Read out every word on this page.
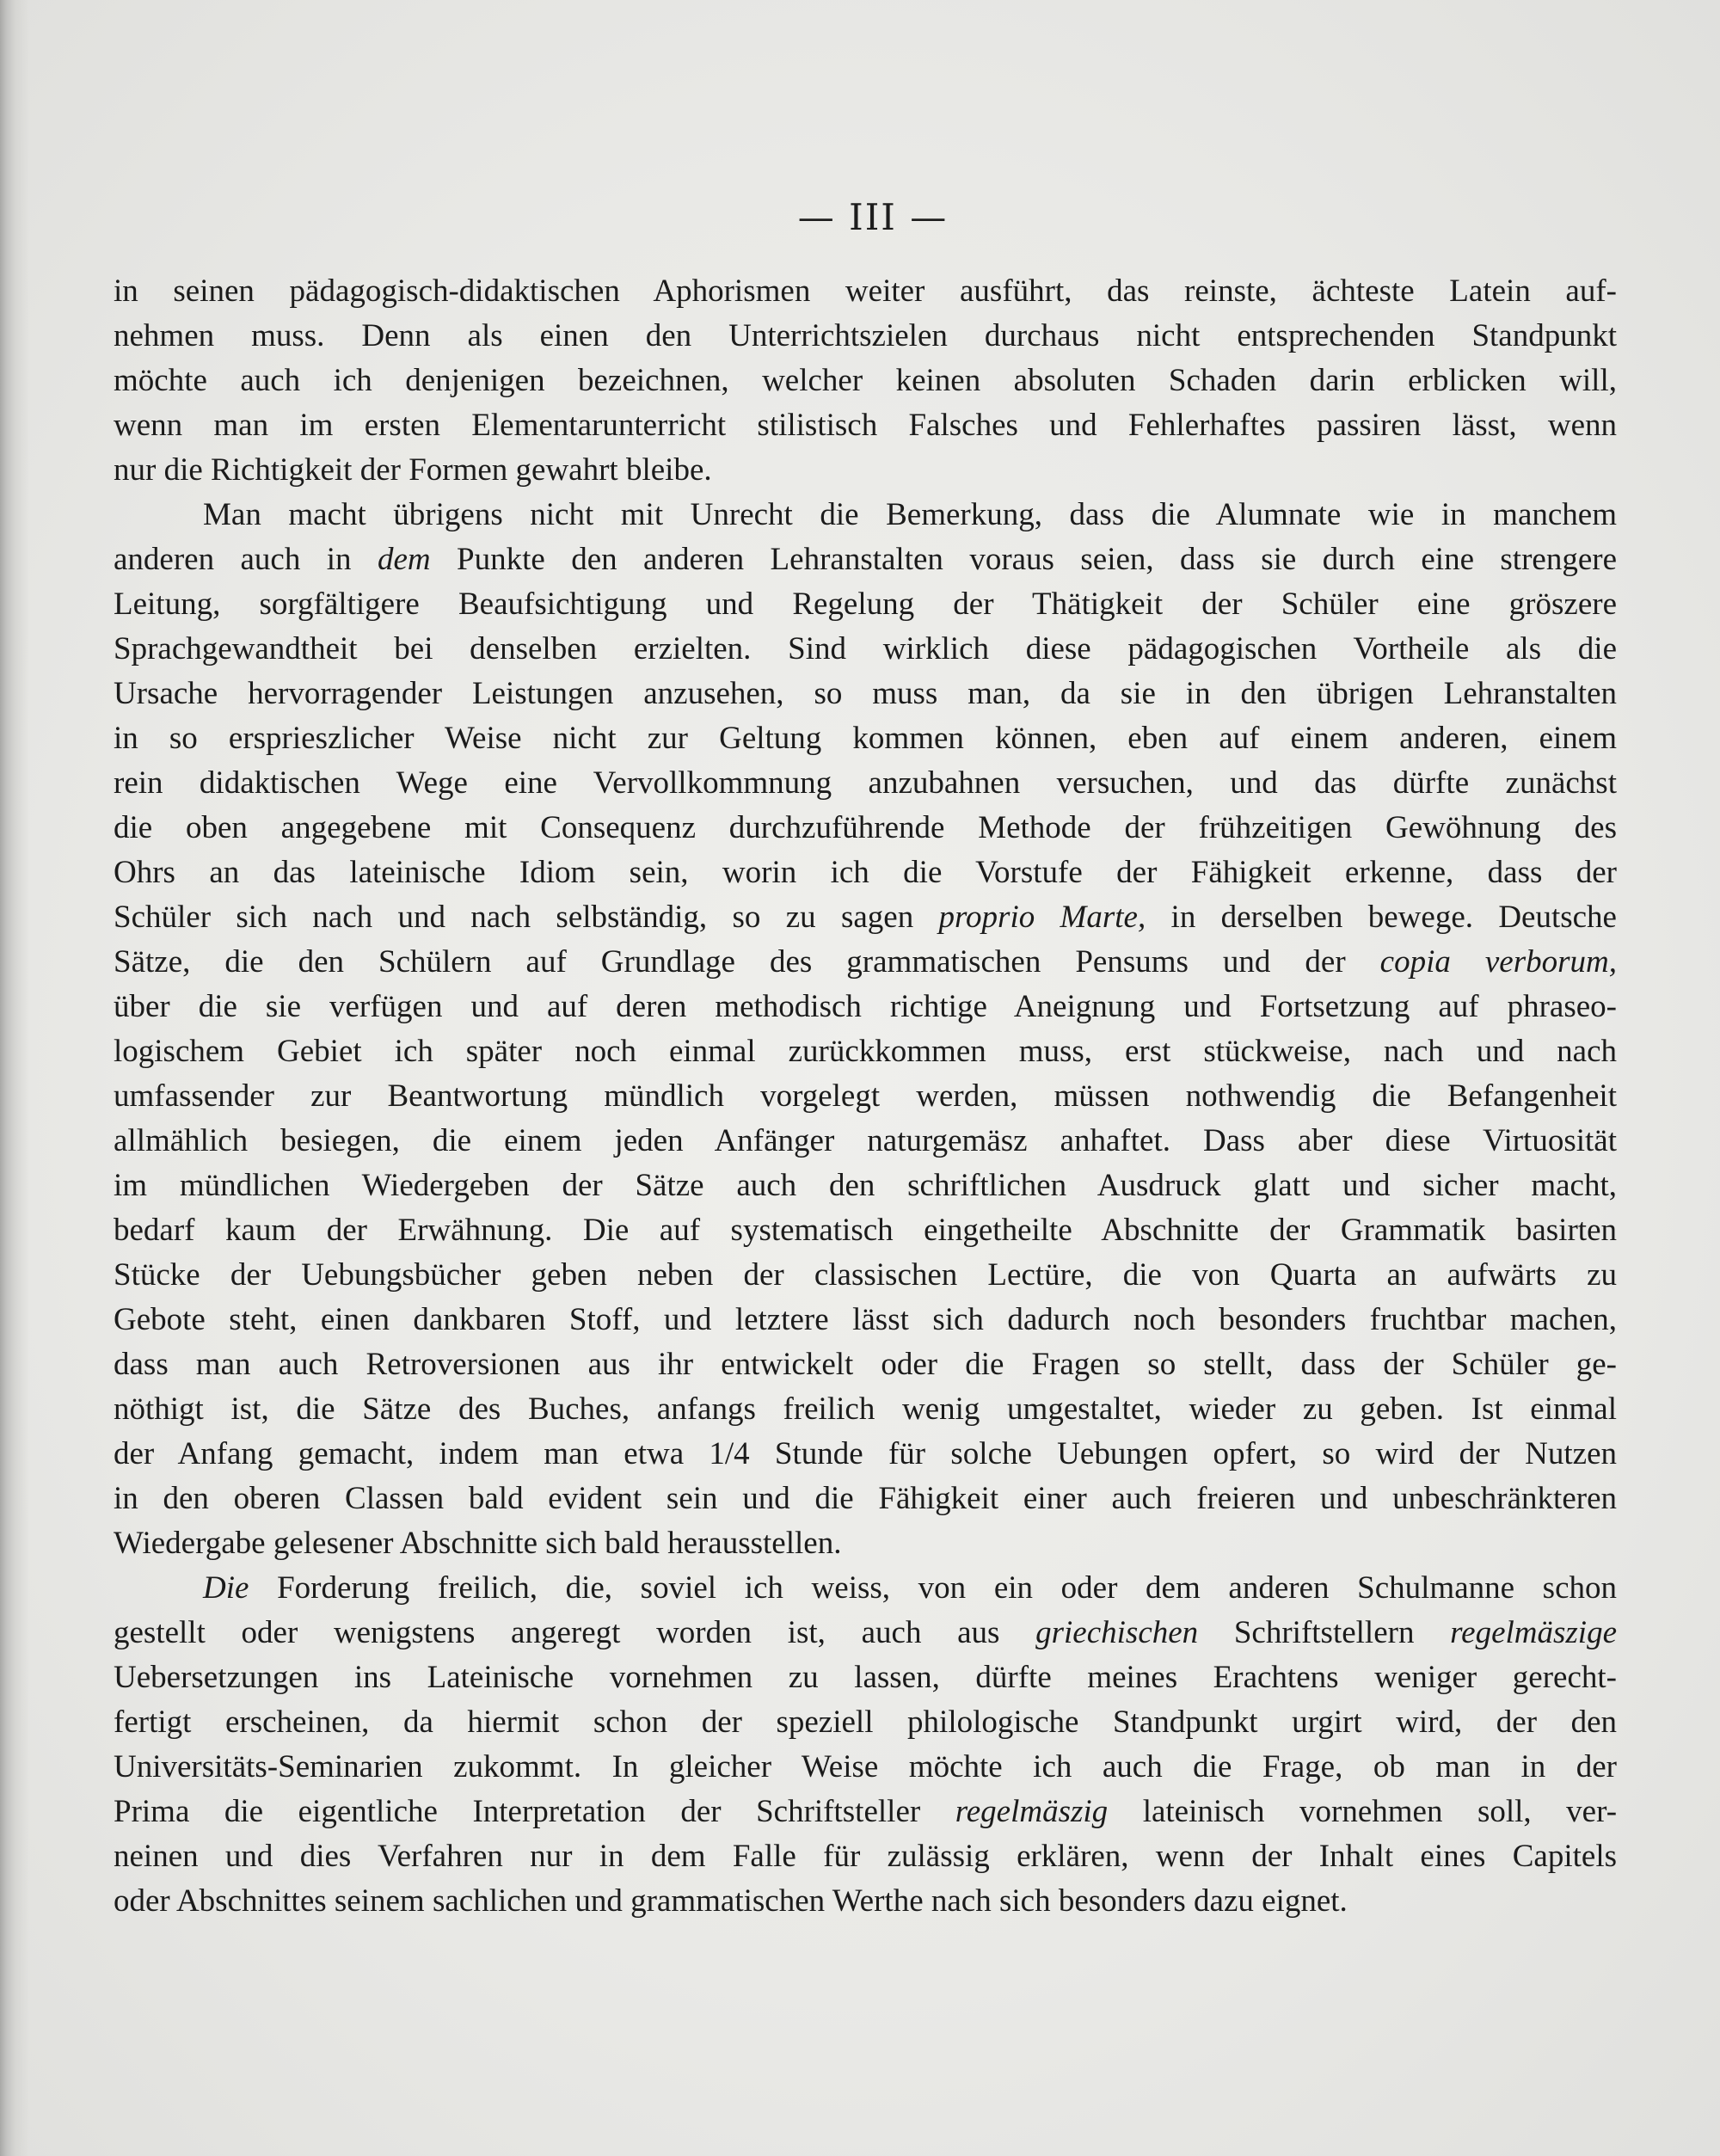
— III —
in seinen pädagogisch-didaktischen Aphorismen weiter ausführt, das reinste, ächteste Latein auf-
nehmen muss. Denn als einen den Unterrichtszielen durchaus nicht entsprechenden Standpunkt
möchte auch ich denjenigen bezeichnen, welcher keinen absoluten Schaden darin erblicken will,
wenn man im ersten Elementarunterricht stilistisch Falsches und Fehlerhaftes passiren lässt, wenn
nur die Richtigkeit der Formen gewahrt bleibe.
Man macht übrigens nicht mit Unrecht die Bemerkung, dass die Alumnate wie in manchem
anderen auch in dem Punkte den anderen Lehranstalten voraus seien, dass sie durch eine strengere
Leitung, sorgfältigere Beaufsichtigung und Regelung der Thätigkeit der Schüler eine gröszere
Sprachgewandtheit bei denselben erzielten. Sind wirklich diese pädagogischen Vortheile als die
Ursache hervorragender Leistungen anzusehen, so muss man, da sie in den übrigen Lehranstalten
in so ersprieszlicher Weise nicht zur Geltung kommen können, eben auf einem anderen, einem
rein didaktischen Wege eine Vervollkommnung anzubahnen versuchen, und das dürfte zunächst
die oben angegebene mit Consequenz durchzuführende Methode der frühzeitigen Gewöhnung des
Ohrs an das lateinische Idiom sein, worin ich die Vorstufe der Fähigkeit erkenne, dass der
Schüler sich nach und nach selbständig, so zu sagen proprio Marte, in derselben bewege. Deutsche
Sätze, die den Schülern auf Grundlage des grammatischen Pensums und der copia verborum,
über die sie verfügen und auf deren methodisch richtige Aneignung und Fortsetzung auf phraseo-
logischem Gebiet ich später noch einmal zurückkommen muss, erst stückweise, nach und nach
umfassender zur Beantwortung mündlich vorgelegt werden, müssen nothwendig die Befangenheit
allmählich besiegen, die einem jeden Anfänger naturgemäsz anhaftet. Dass aber diese Virtuosität
im mündlichen Wiedergeben der Sätze auch den schriftlichen Ausdruck glatt und sicher macht,
bedarf kaum der Erwähnung. Die auf systematisch eingetheilte Abschnitte der Grammatik basirten
Stücke der Uebungsbücher geben neben der classischen Lectüre, die von Quarta an aufwärts zu
Gebote steht, einen dankbaren Stoff, und letztere lässt sich dadurch noch besonders fruchtbar machen,
dass man auch Retroversionen aus ihr entwickelt oder die Fragen so stellt, dass der Schüler ge-
nöthigt ist, die Sätze des Buches, anfangs freilich wenig umgestaltet, wieder zu geben. Ist einmal
der Anfang gemacht, indem man etwa 1/4 Stunde für solche Uebungen opfert, so wird der Nutzen
in den oberen Classen bald evident sein und die Fähigkeit einer auch freieren und unbeschränkteren
Wiedergabe gelesener Abschnitte sich bald herausstellen.
Die Forderung freilich, die, soviel ich weiss, von ein oder dem anderen Schulmanne schon
gestellt oder wenigstens angeregt worden ist, auch aus griechischen Schriftstellern regelmäszige
Uebersetzungen ins Lateinische vornehmen zu lassen, dürfte meines Erachtens weniger gerecht-
fertigt erscheinen, da hiermit schon der speziell philologische Standpunkt urgirt wird, der den
Universitäts-Seminarien zukommt. In gleicher Weise möchte ich auch die Frage, ob man in der
Prima die eigentliche Interpretation der Schriftsteller regelmäszig lateinisch vornehmen soll, ver-
neinen und dies Verfahren nur in dem Falle für zulässig erklären, wenn der Inhalt eines Capitels
oder Abschnittes seinem sachlichen und grammatischen Werthe nach sich besonders dazu eignet.
